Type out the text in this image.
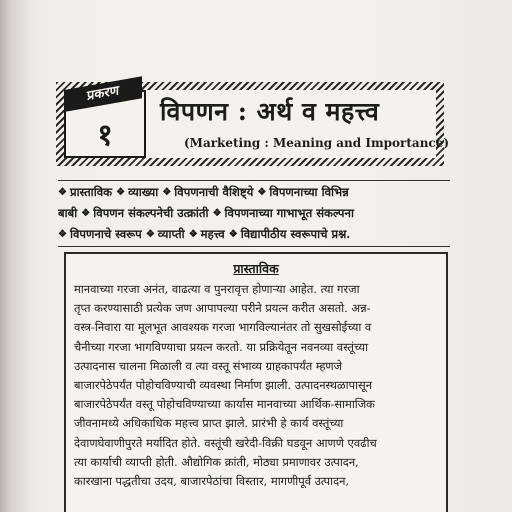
प्रकरण
१
विपणन : अर्थ व महत्त्व
(Marketing : Meaning and Importance)
❖ प्रास्ताविक ❖ व्याख्या ❖ विपणनाची वैशिष्ट्ये ❖ विपणनाच्या विभिन्न
बाबी ❖ विपणन संकल्पनेची उत्क्रांती ❖ विपणनाच्या गाभाभूत संकल्पना
❖ विपणनाचे स्वरूप ❖ व्याप्ती ❖ महत्त्व ❖ विद्यापीठीय स्वरूपाचे प्रश्न.
प्रास्ताविक
मानवाच्या गरजा अनंत, वाढत्या व पुनरावृत्त होणाऱ्या आहेत. त्या गरजा
तृप्त करण्यासाठी प्रत्येक जण आपापल्या परीने प्रयत्न करीत असतो. अन्न-
वस्त्र-निवारा या मूलभूत आवश्यक गरजा भागविल्यानंतर तो सुखसोईच्या व
चैनीच्या गरजा भागविण्याचा प्रयत्न करतो. या प्रक्रियेतून नवनव्या वस्तूंच्या
उत्पादनास चालना मिळाली व त्या वस्तू संभाव्य ग्राहकापर्यंत म्हणजे
बाजारपेठेपर्यंत पोहोचविण्याची व्यवस्था निर्माण झाली. उत्पादनस्थळापासून
बाजारपेठेपर्यंत वस्तू पोहोचविण्याच्या कार्यास मानवाच्या आर्थिक-सामाजिक
जीवनामध्ये अधिकाधिक महत्त्व प्राप्त झाले. प्रारंभी हे कार्य वस्तूंच्या
देवाणघेवाणीपुरते मर्यादित होते. वस्तूंची खरेदी-विक्री घडवून आणणे एवढीच
त्या कार्याची व्याप्ती होती. औद्योगिक क्रांती, मोठ्या प्रमाणावर उत्पादन,
कारखाना पद्धतीचा उदय, बाजारपेठांचा विस्तार, मागणीपूर्व उत्पादन,
